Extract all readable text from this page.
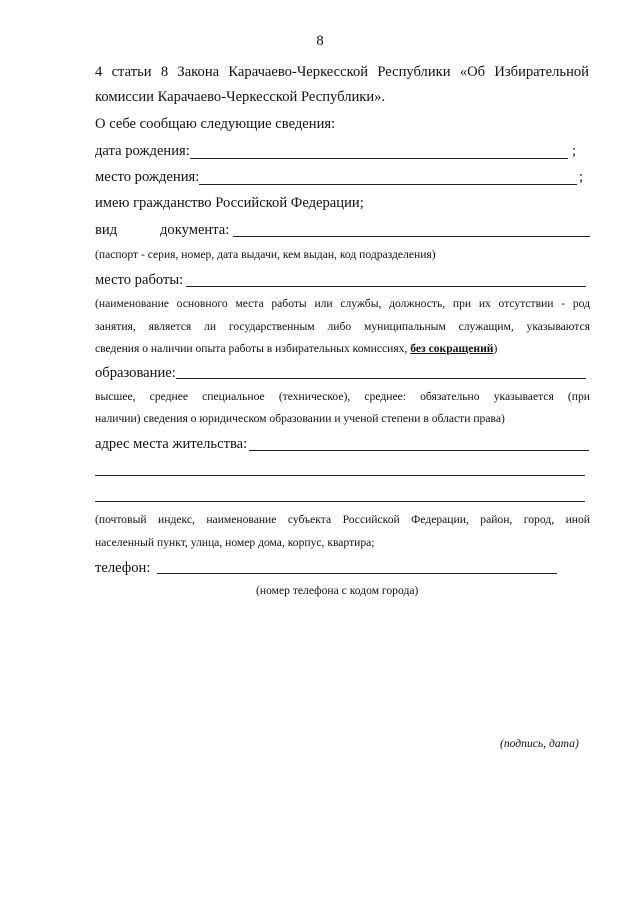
8
4 статьи 8 Закона Карачаево-Черкесской Республики «Об Избирательной
комиссии Карачаево-Черкесской Республики».
О себе сообщаю следующие сведения:
дата рождения:	;
место рождения:	;
имею гражданство Российской Федерации;
вид	документа:
(паспорт - серия, номер, дата выдачи, кем выдан, код подразделения)
место работы:
(наименование основного места работы или службы, должность, при их отсутствии - род
занятия, является ли государственным либо муниципальным служащим, указываются
сведения о наличии опыта работы в избирательных комиссиях, без сокращений)
образование:
высшее, среднее специальное (техническое), среднее: обязательно указывается (при
наличии) сведения о юридическом образовании и ученой степени в области права)
адрес места жительства:
(почтовый индекс, наименование субъекта Российской Федерации, район, город, иной
населенный пункт, улица, номер дома, корпус, квартира;
телефон:
(номер телефона с кодом города)
(подпись, дата)
